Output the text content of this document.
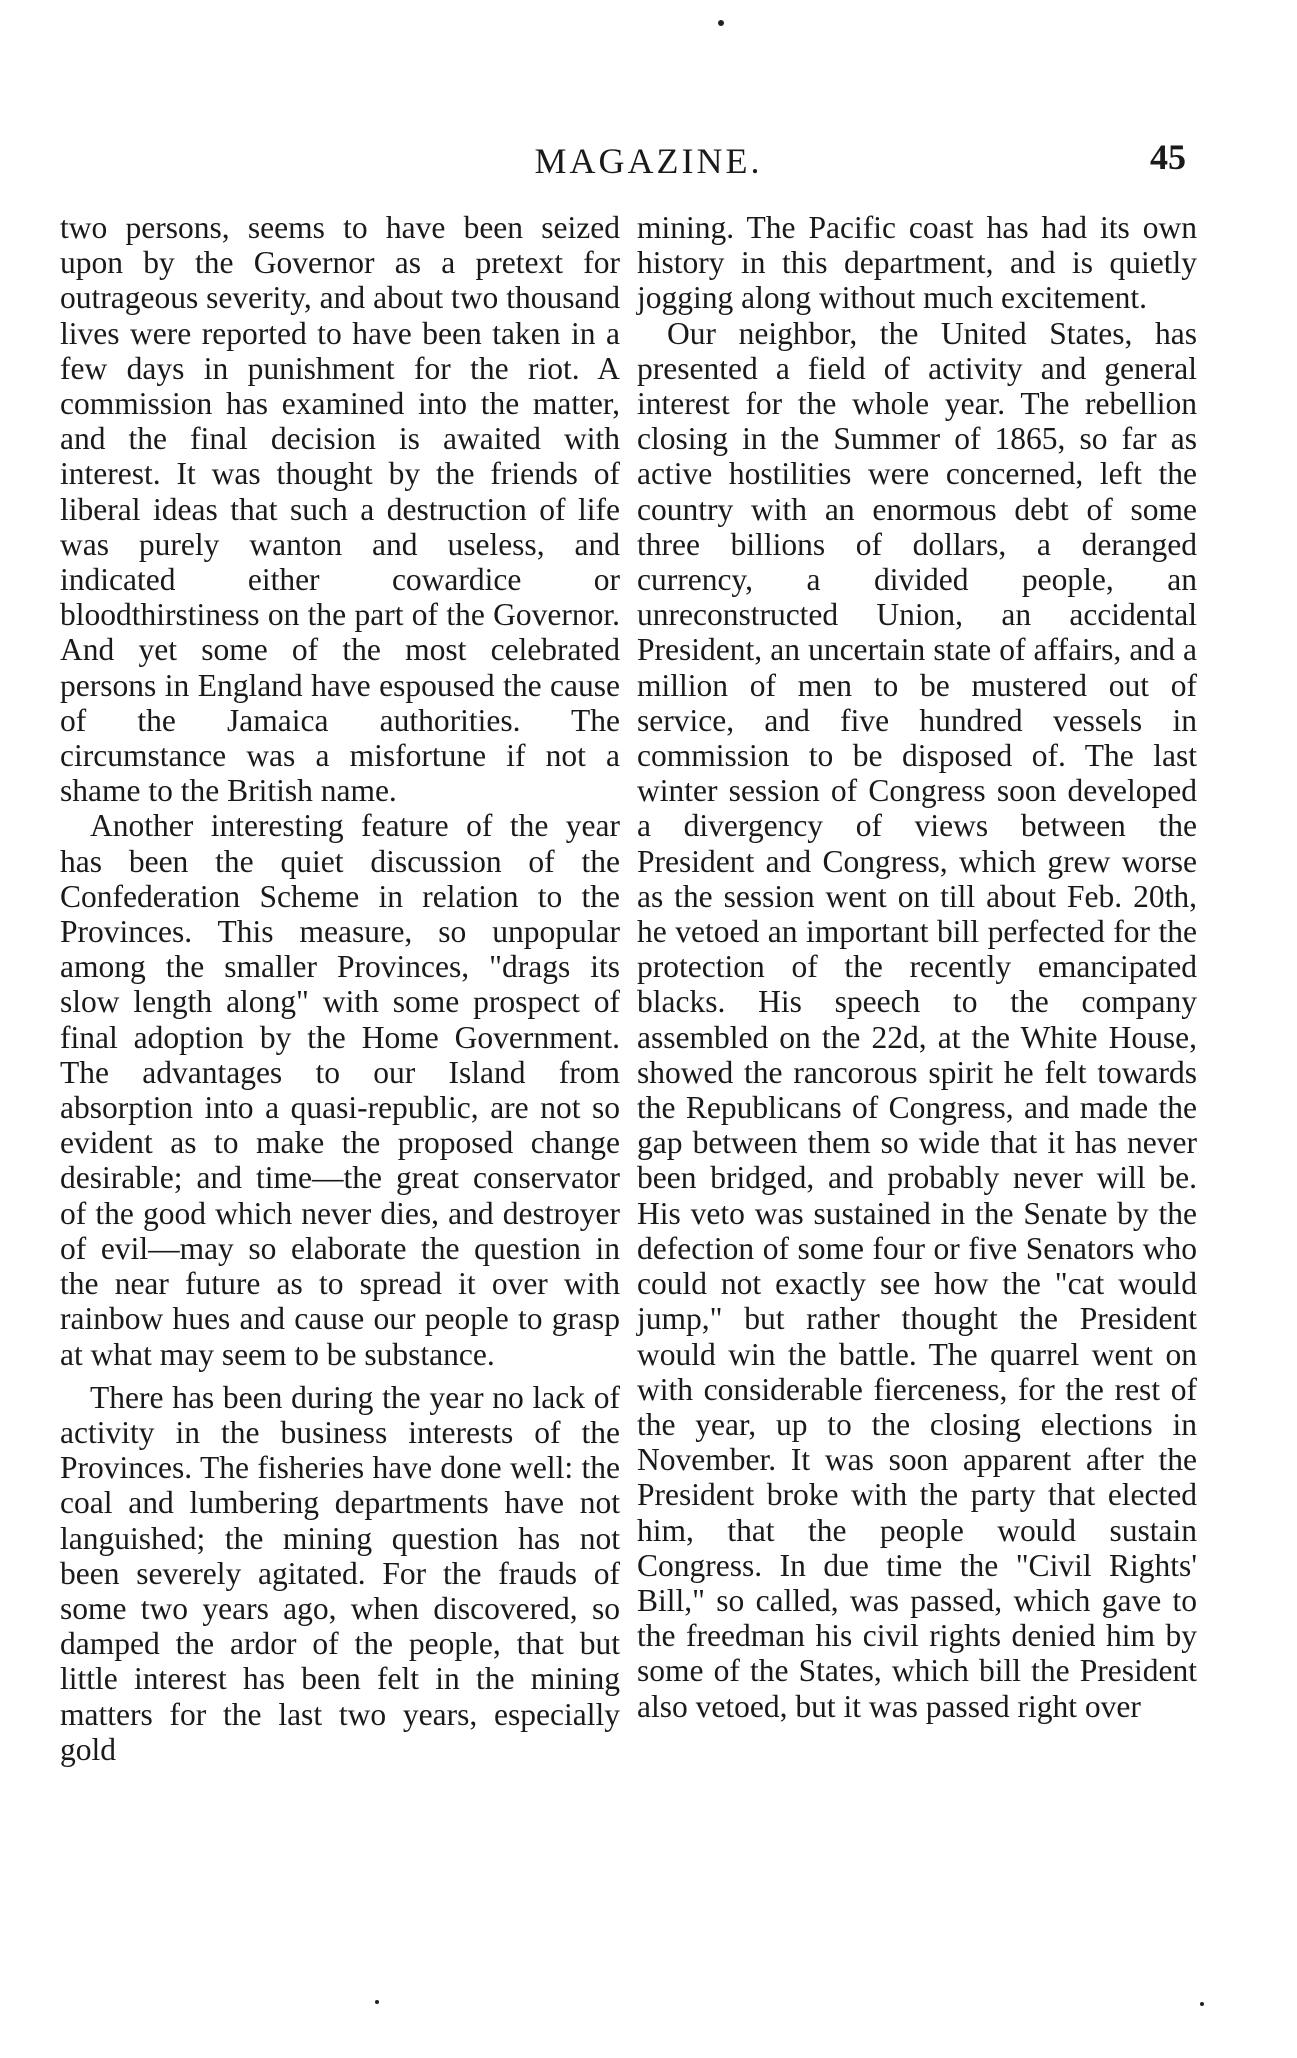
MAGAZINE.	45

two persons, seems to have been seized upon by the Governor as a pretext for outrageous severity, and about two thousand lives were reported to have been taken in a few days in punishment for the riot. A commission has examined into the matter, and the final decision is awaited with interest. It was thought by the friends of liberal ideas that such a destruction of life was purely wanton and useless, and indicated either cowardice or bloodthirstiness on the part of the Governor. And yet some of the most celebrated persons in England have espoused the cause of the Jamaica authorities. The circumstance was a misfortune if not a shame to the British name.

Another interesting feature of the year has been the quiet discussion of the Confederation Scheme in relation to the Provinces. This measure, so unpopular among the smaller Provinces, "drags its slow length along" with some prospect of final adoption by the Home Government. The advantages to our Island from absorption into a quasi-republic, are not so evident as to make the proposed change desirable; and time—the great conservator of the good which never dies, and destroyer of evil—may so elaborate the question in the near future as to spread it over with rainbow hues and cause our people to grasp at what may seem to be substance.

There has been during the year no lack of activity in the business interests of the Provinces. The fisheries have done well: the coal and lumbering departments have not languished; the mining question has not been severely agitated. For the frauds of some two years ago, when discovered, so damped the ardor of the people, that but little interest has been felt in the mining matters for the last two years, especially gold

mining. The Pacific coast has had its own history in this department, and is quietly jogging along without much excitement.

Our neighbor, the United States, has presented a field of activity and general interest for the whole year. The rebellion closing in the Summer of 1865, so far as active hostilities were concerned, left the country with an enormous debt of some three billions of dollars, a deranged currency, a divided people, an unreconstructed Union, an accidental President, an uncertain state of affairs, and a million of men to be mustered out of service, and five hundred vessels in commission to be disposed of. The last winter session of Congress soon developed a divergency of views between the President and Congress, which grew worse as the session went on till about Feb. 20th, he vetoed an important bill perfected for the protection of the recently emancipated blacks. His speech to the company assembled on the 22d, at the White House, showed the rancorous spirit he felt towards the Republicans of Congress, and made the gap between them so wide that it has never been bridged, and probably never will be. His veto was sustained in the Senate by the defection of some four or five Senators who could not exactly see how the "cat would jump," but rather thought the President would win the battle. The quarrel went on with considerable fierceness, for the rest of the year, up to the closing elections in November. It was soon apparent after the President broke with the party that elected him, that the people would sustain Congress. In due time the "Civil Rights' Bill," so called, was passed, which gave to the freedman his civil rights denied him by some of the States, which bill the President also vetoed, but it was passed right over
